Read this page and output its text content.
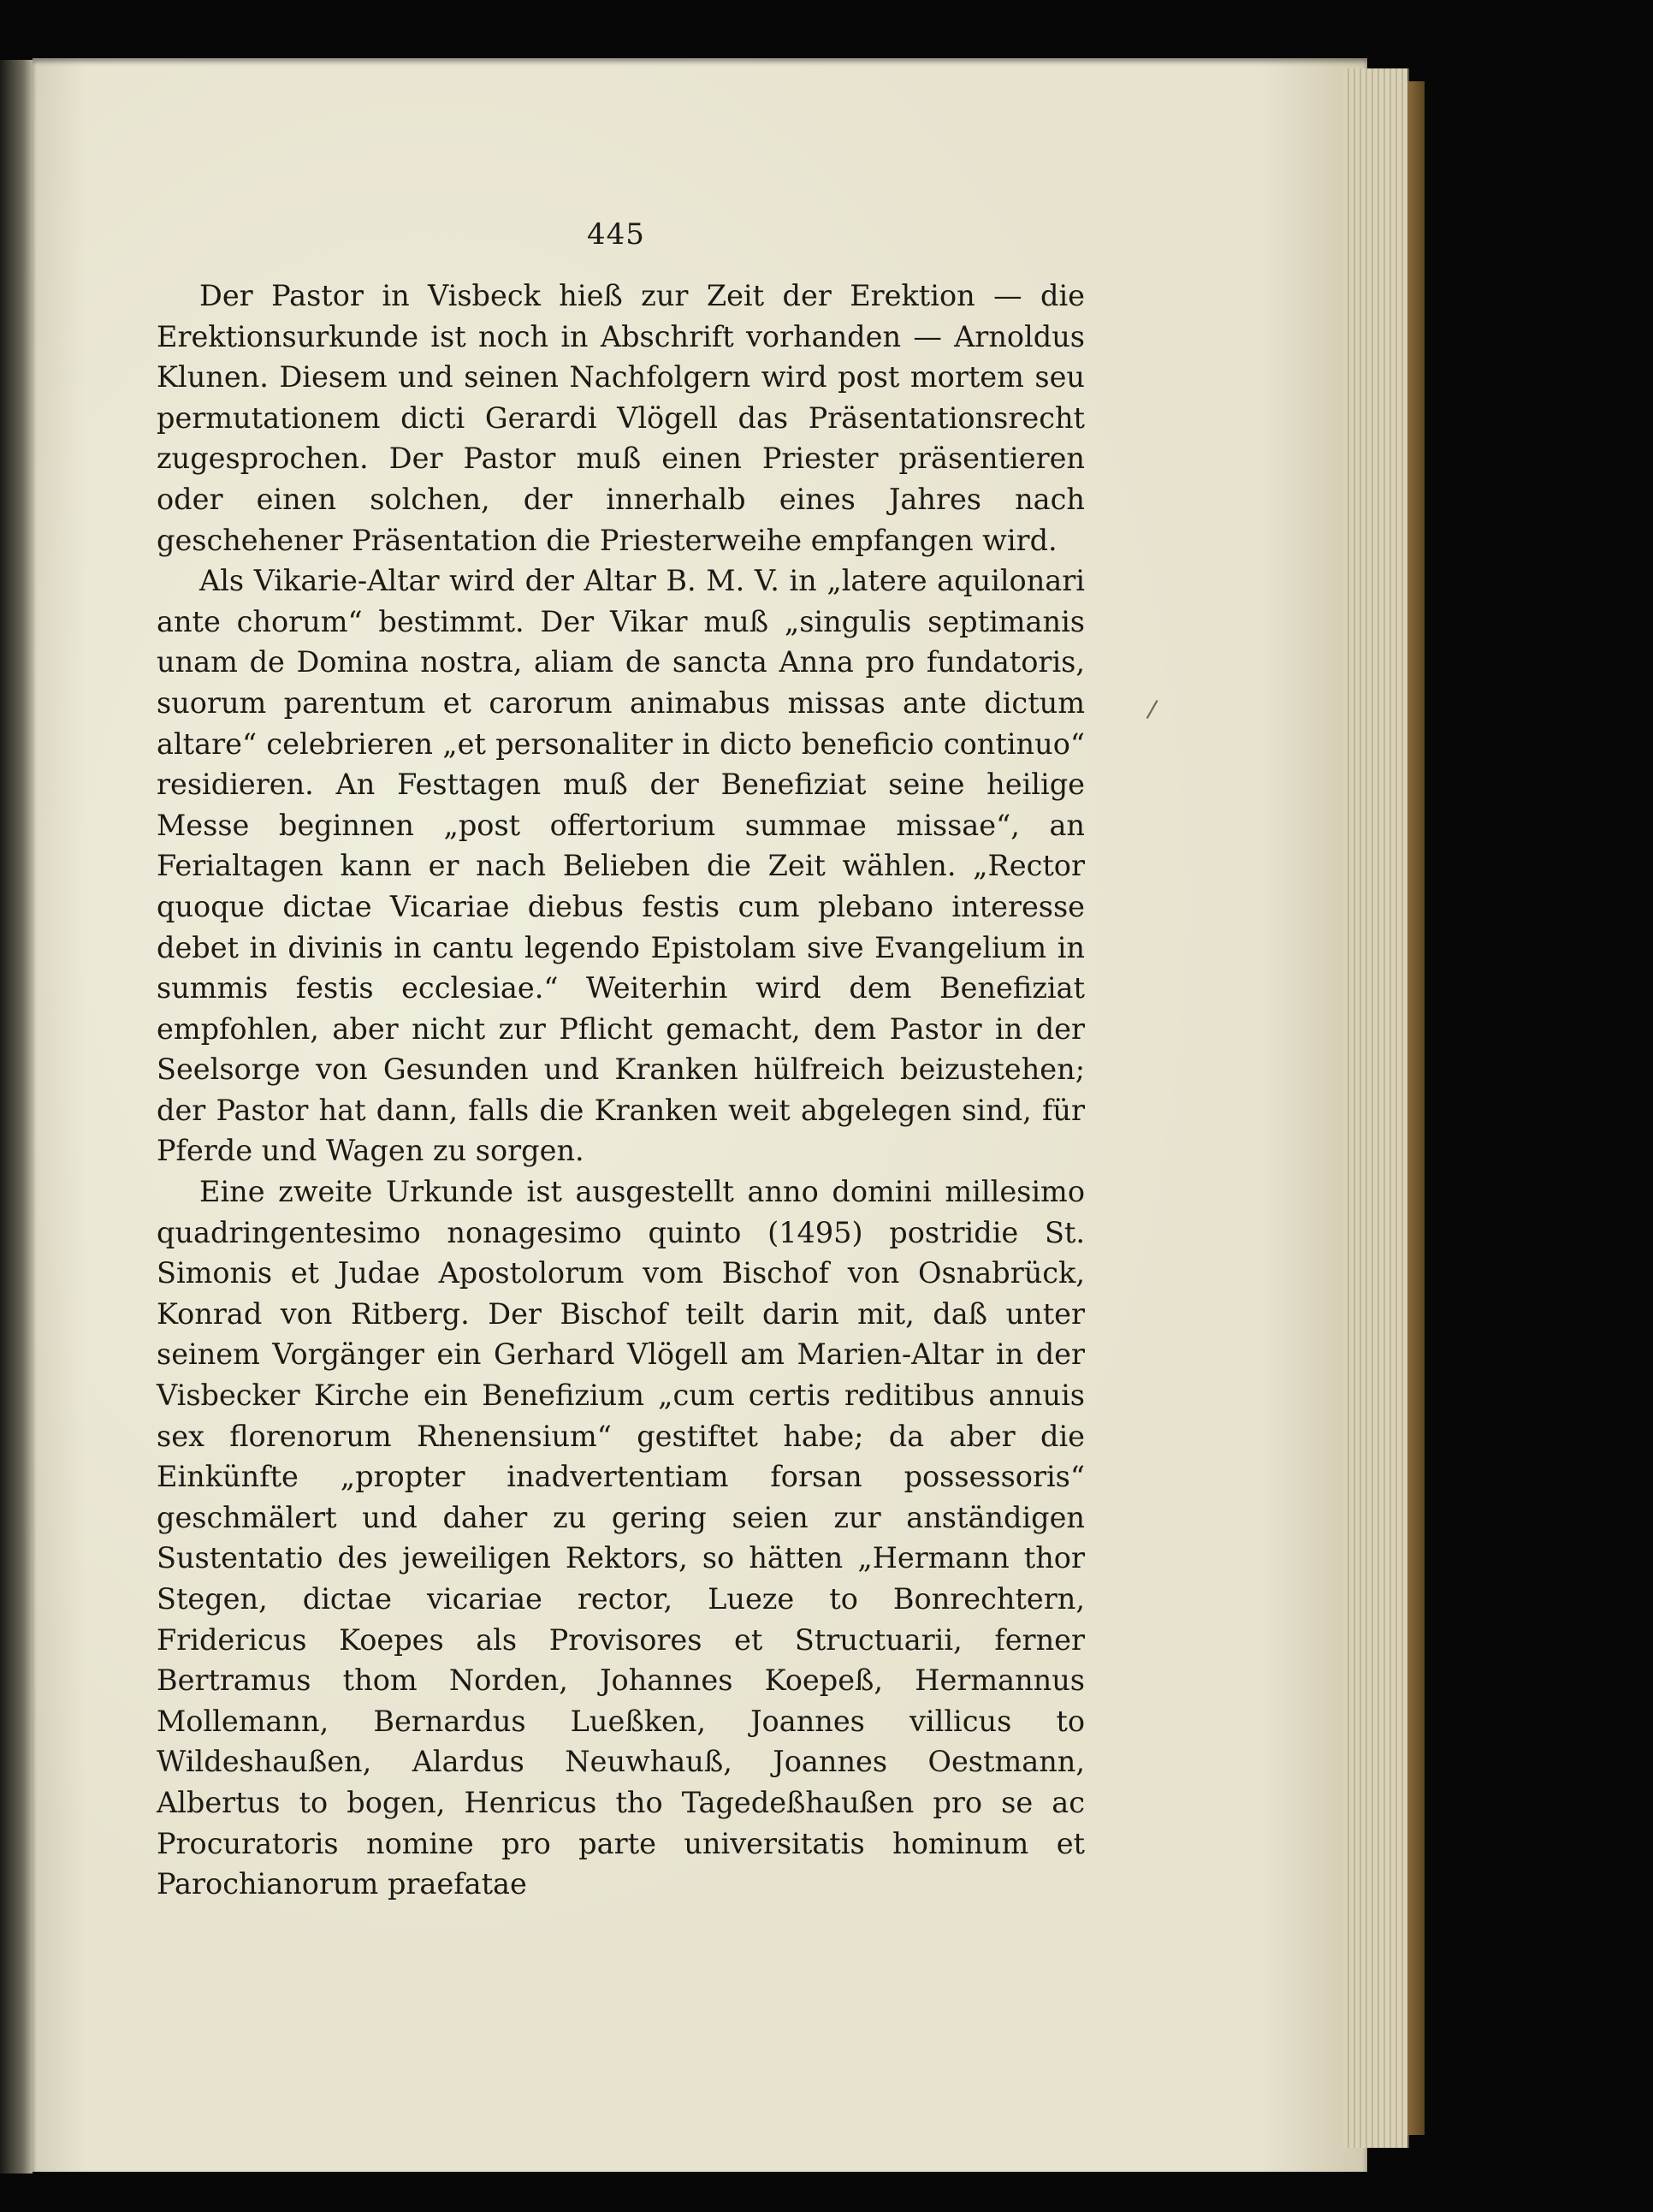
445

Der Pastor in Visbeck hieß zur Zeit der Erektion — die Erektionsurkunde ist noch in Abschrift vorhanden — Arnoldus Klunen. Diesem und seinen Nachfolgern wird post mortem seu permutationem dicti Gerardi Vlögell das Präsentationsrecht zugesprochen. Der Pastor muß einen Priester präsentieren oder einen solchen, der innerhalb eines Jahres nach geschehener Präsentation die Priesterweihe empfangen wird.

Als Vikarie-Altar wird der Altar B. M. V. in „latere aquilonari ante chorum“ bestimmt. Der Vikar muß „singulis septimanis unam de Domina nostra, aliam de sancta Anna pro fundatoris, suorum parentum et carorum animabus missas ante dictum altare“ celebrieren „et personaliter in dicto beneficio continuo“ residieren. An Festtagen muß der Benefiziat seine heilige Messe beginnen „post offertorium summae missae“, an Ferialtagen kann er nach Belieben die Zeit wählen. „Rector quoque dictae Vicariae diebus festis cum plebano interesse debet in divinis in cantu legendo Epistolam sive Evangelium in summis festis ecclesiae.“ Weiterhin wird dem Benefiziat empfohlen, aber nicht zur Pflicht gemacht, dem Pastor in der Seelsorge von Gesunden und Kranken hülfreich beizustehen; der Pastor hat dann, falls die Kranken weit abgelegen sind, für Pferde und Wagen zu sorgen.

Eine zweite Urkunde ist ausgestellt anno domini millesimo quadringentesimo nonagesimo quinto (1495) postridie St. Simonis et Judae Apostolorum vom Bischof von Osnabrück, Konrad von Ritberg. Der Bischof teilt darin mit, daß unter seinem Vorgänger ein Gerhard Vlögell am Marien-Altar in der Visbecker Kirche ein Benefizium „cum certis reditibus annuis sex florenorum Rhenensium“ gestiftet habe; da aber die Einkünfte „propter inadvertentiam forsan possessoris“ geschmälert und daher zu gering seien zur anständigen Sustentatio des jeweiligen Rektors, so hätten „Hermann thor Stegen, dictae vicariae rector, Lueze to Bonrechtern, Fridericus Koepes als Provisores et Structuarii, ferner Bertramus thom Norden, Johannes Koepeß, Hermannus Mollemann, Bernardus Lueßken, Joannes villicus to Wildeshaußen, Alardus Neuwhauß, Joannes Oestmann, Albertus to bogen, Henricus tho Tagedeßhaußen pro se ac Procuratoris nomine pro parte universitatis hominum et Parochianorum praefatae

/
